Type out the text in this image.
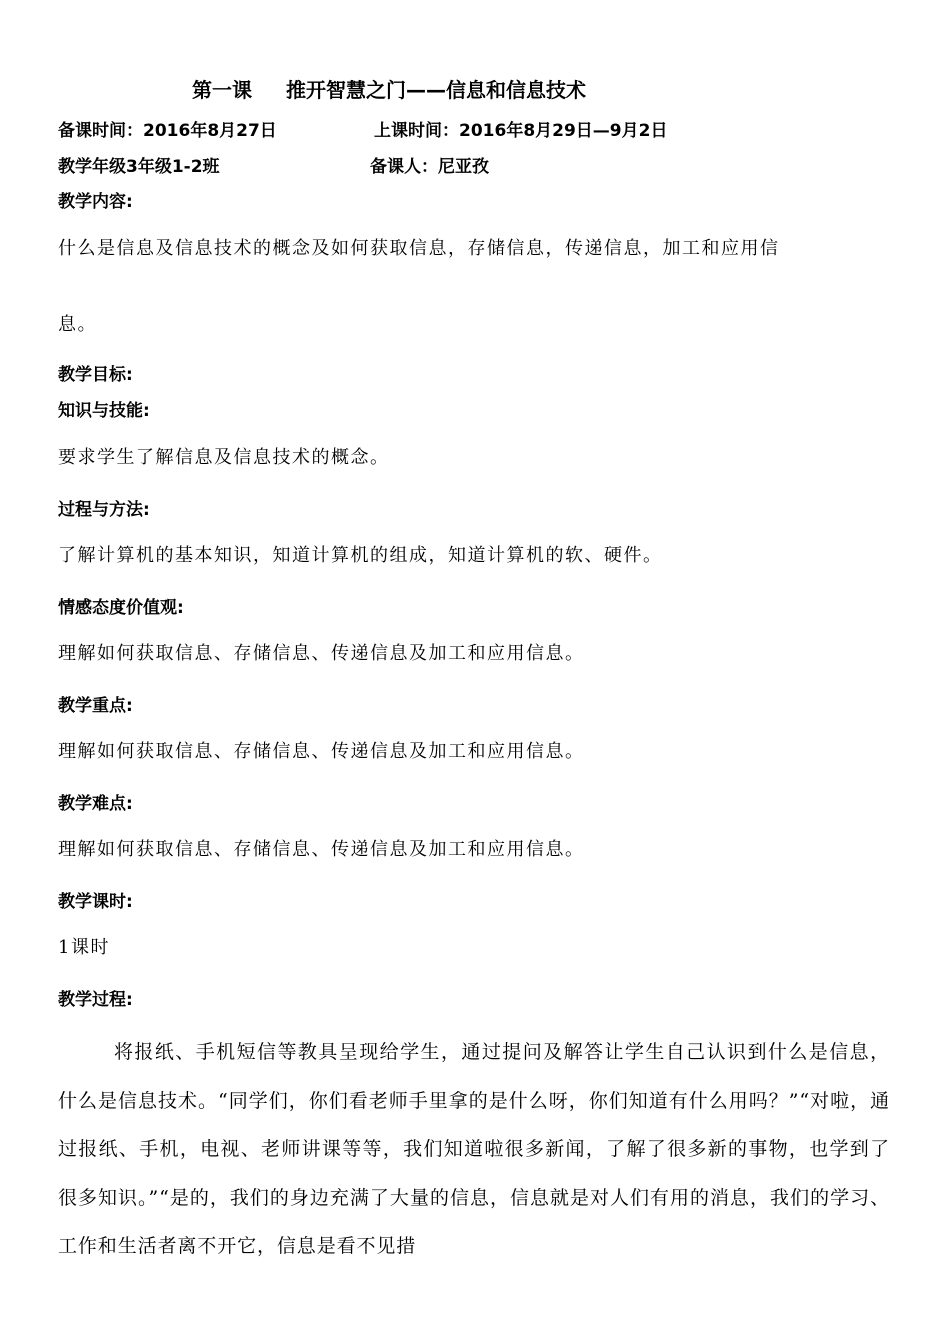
第一课 推开智慧之门——信息和信息技术
备课时间：2016年8月27日	上课时间：2016年8月29日—9月2日
教学年级3年级1-2班	备课人：尼亚孜
教学内容:
什么是信息及信息技术的概念及如何获取信息，存储信息，传递信息，加工和应用信
息。
教学目标:
知识与技能:
要求学生了解信息及信息技术的概念。
过程与方法:
了解计算机的基本知识，知道计算机的组成，知道计算机的软、硬件。
情感态度价值观:
理解如何获取信息、存储信息、传递信息及加工和应用信息。
教学重点:
理解如何获取信息、存储信息、传递信息及加工和应用信息。
教学难点:
理解如何获取信息、存储信息、传递信息及加工和应用信息。
教学课时:
1课时
教学过程:
将报纸、手机短信等教具呈现给学生，通过提问及解答让学生自己认识到什么是信息，什么是信息技术。“同学们，你们看老师手里拿的是什么呀，你们知道有什么用吗？”“对啦，通过报纸、手机，电视、老师讲课等等，我们知道啦很多新闻，了解了很多新的事物，也学到了很多知识。”“是的，我们的身边充满了大量的信息，信息就是对人们有用的消息，我们的学习、工作和生活者离不开它，信息是看不见措
